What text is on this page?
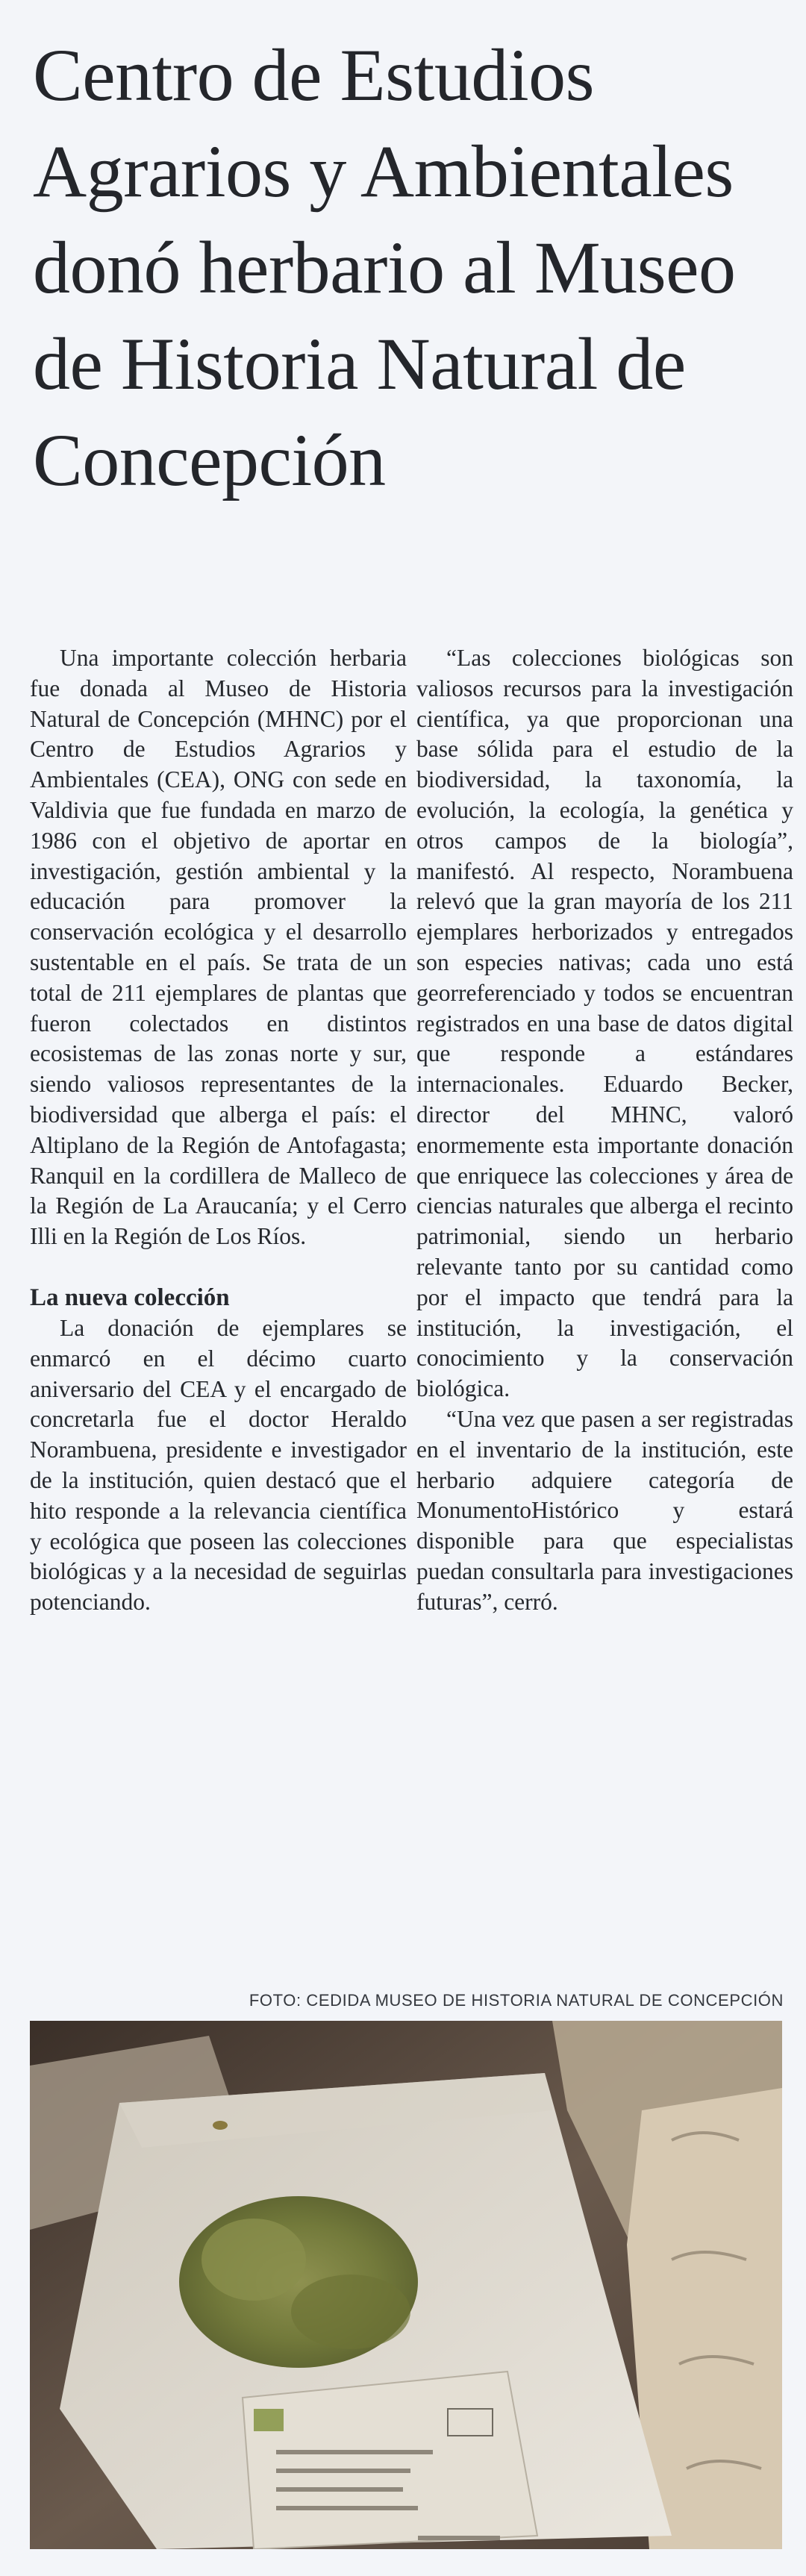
Centro de Estudios Agrarios y Ambientales donó herbario al Museo de Historia Natural de Concepción

Una importante colección herbaria fue donada al Museo de Historia Natural de Concepción (MHNC) por el Centro de Estudios Agrarios y Ambientales (CEA), ONG con sede en Valdivia que fue fundada en marzo de 1986 con el objetivo de aportar en investigación, gestión ambiental y la educación para promover la conservación ecológica y el desarrollo sustentable en el país. Se trata de un total de 211 ejemplares de plantas que fueron colectados en distintos ecosistemas de las zonas norte y sur, siendo valiosos representantes de la biodiversidad que alberga el país: el Altiplano de la Región de Antofagasta; Ranquil en la cordillera de Malleco de la Región de La Araucanía; y el Cerro Illi en la Región de Los Ríos.

La nueva colección

La donación de ejemplares se enmarcó en el décimo cuarto aniversario del CEA y el encargado de concretarla fue el doctor Heraldo Norambuena, presidente e investigador de la institución, quien destacó que el hito responde a la relevancia científica y ecológica que poseen las colecciones biológicas y a la necesidad de seguirlas potenciando.

“Las colecciones biológicas son valiosos recursos para la investigación científica, ya que proporcionan una base sólida para el estudio de la biodiversidad, la taxonomía, la evolución, la ecología, la genética y otros campos de la biología”, manifestó. Al respecto, Norambuena relevó que la gran mayoría de los 211 ejemplares herborizados y entregados son especies nativas; cada uno está georreferenciado y todos se encuentran registrados en una base de datos digital que responde a estándares internacionales. Eduardo Becker, director del MHNC, valoró enormemente esta importante donación que enriquece las colecciones y área de ciencias naturales que alberga el recinto patrimonial, siendo un herbario relevante tanto por su cantidad como por el impacto que tendrá para la institución, la investigación, el conocimiento y la conservación biológica.

“Una vez que pasen a ser registradas en el inventario de la institución, este herbario adquiere categoría de MonumentoHistórico y estará disponible para que especialistas puedan consultarla para investigaciones futuras”, cerró.

FOTO: CEDIDA MUSEO DE HISTORIA NATURAL DE CONCEPCIÓN
